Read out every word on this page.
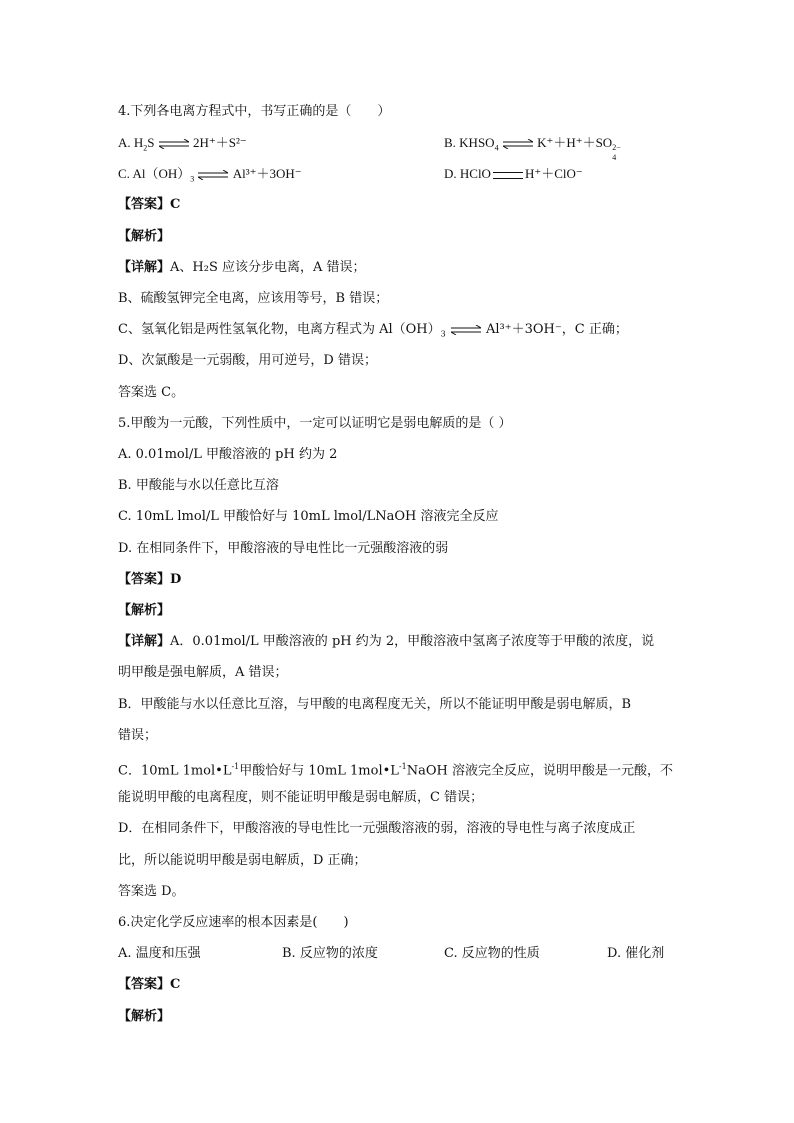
4.下列各电离方程式中，书写正确的是（　　）
A. $H_2S$ ⇌ 2H⁺＋S²⁻	B. $KHSO_4$ ⇌ K⁺＋H⁺＋SO 2−
4
C. $Al(OH)_3$ ⇌ Al³⁺＋3OH⁻	D. HClO	H⁺＋ClO⁻
【答案】C
【解析】
【详解】A、H₂S 应该分步电离，A 错误；
B、硫酸氢钾完全电离，应该用等号，B 错误；
C、氢氧化铝是两性氢氧化物，电离方程式为 $Al(OH)_3$ ⇌ Al³⁺＋3OH⁻，C 正确；
D、次氯酸是一元弱酸，用可逆号，D 错误；
答案选 C。
5.甲酸为一元酸，下列性质中，一定可以证明它是弱电解质的是（ ）
A. 0.01mol/L 甲酸溶液的 pH 约为 2
B. 甲酸能与水以任意比互溶
C. 10mL lmol/L 甲酸恰好与 10mL lmol/LNaOH 溶液完全反应
D. 在相同条件下，甲酸溶液的导电性比一元强酸溶液的弱
【答案】D
【解析】
【详解】A．0.01mol/L 甲酸溶液的 pH 约为 2，甲酸溶液中氢离子浓度等于甲酸的浓度，说
明甲酸是强电解质，A 错误；
B．甲酸能与水以任意比互溶，与甲酸的电离程度无关，所以不能证明甲酸是弱电解质，B
错误；
C．10mL $1mol•L^{-1}$甲酸恰好与 10mL $1mol•L^{-1}NaOH$ 溶液完全反应，说明甲酸是一元酸，不
能说明甲酸的电离程度，则不能证明甲酸是弱电解质，C 错误；
D．在相同条件下，甲酸溶液的导电性比一元强酸溶液的弱，溶液的导电性与离子浓度成正
比，所以能说明甲酸是弱电解质，D 正确；
答案选 D。
6.决定化学反应速率的根本因素是(　　)
A. 温度和压强	B. 反应物的浓度	C. 反应物的性质	D. 催化剂
【答案】C
【解析】
